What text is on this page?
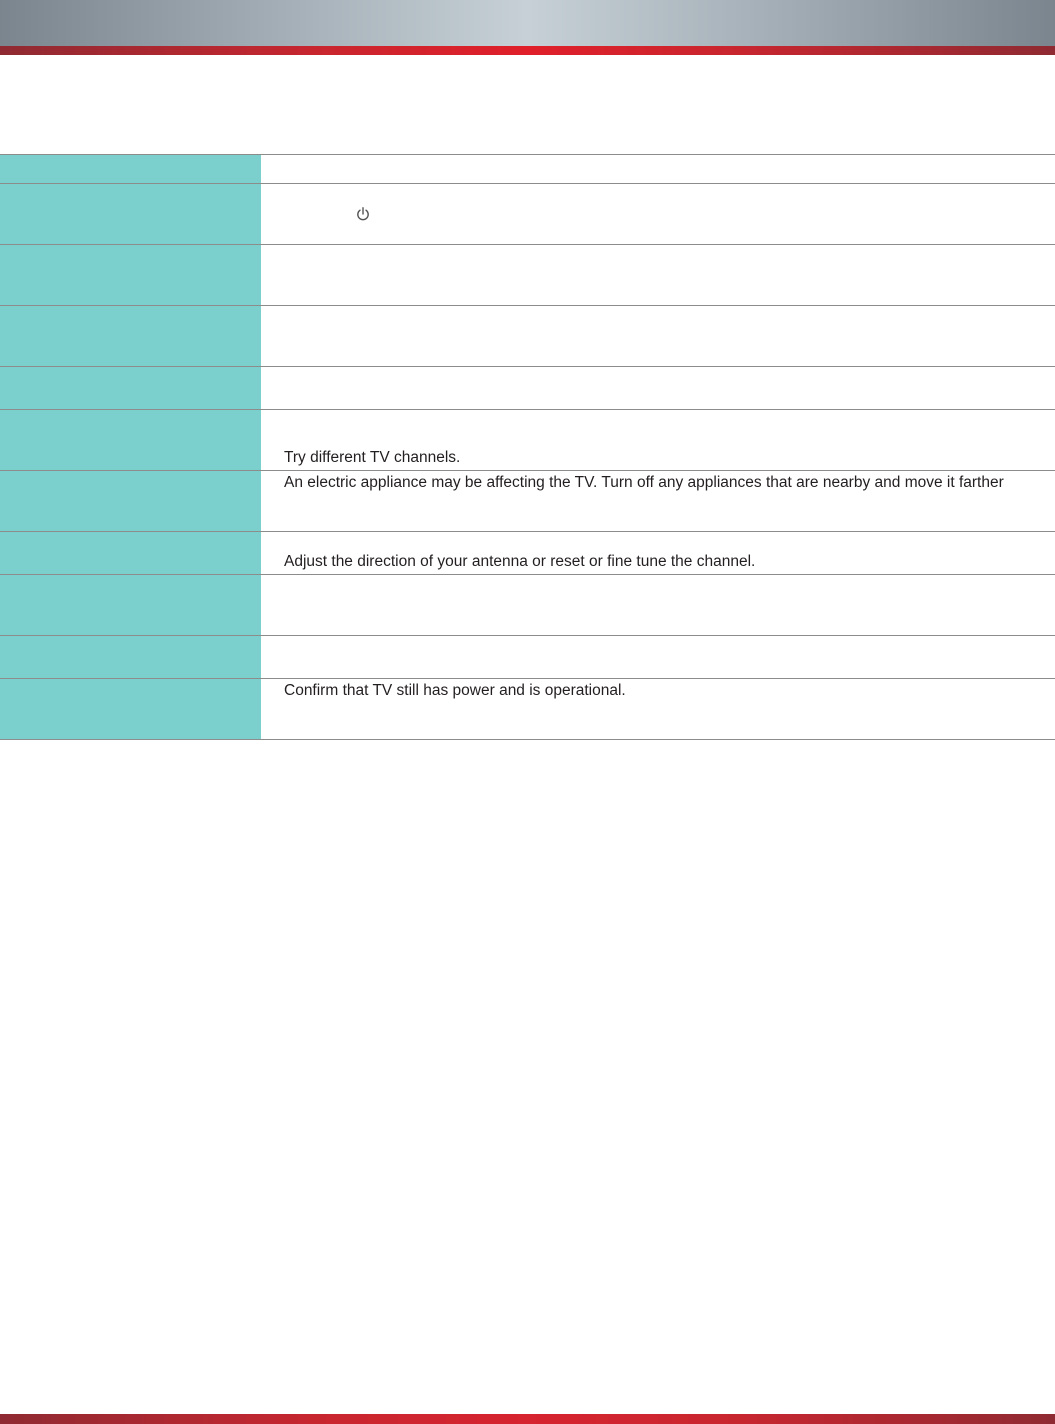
Try different TV channels.
An electric appliance may be affecting the TV. Turn off any appliances that are nearby and move it farther
Adjust the direction of your antenna or reset or fine tune the channel.
Confirm that TV still has power and is operational.
